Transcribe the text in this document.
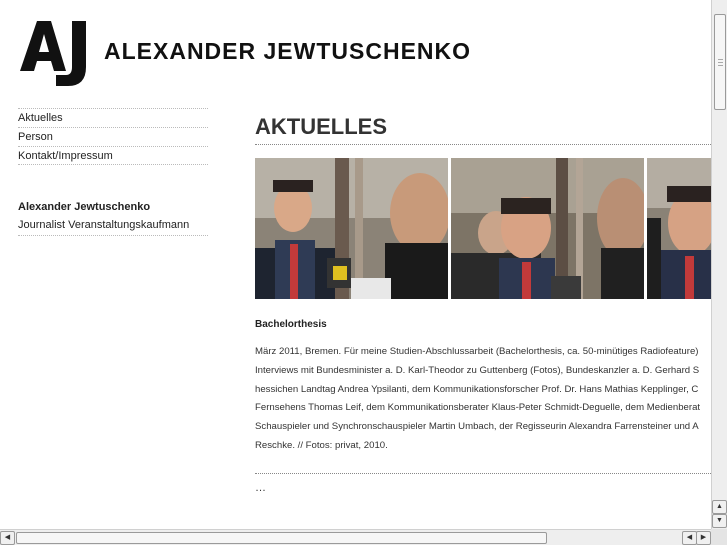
ALEXANDER JEWTUSCHENKO
Aktuelles
Person
Kontakt/Impressum
Alexander Jewtuschenko
Journalist Veranstaltungskaufmann
AKTUELLES
Bachelorthesis
März 2011, Bremen. Für meine Studien-Abschlussarbeit (Bachelorthesis, ca. 50-minütiges Radiofeature)
Interviews mit Bundesminister a. D. Karl-Theodor zu Guttenberg (Fotos), Bundeskanzler a. D. Gerhard S
hessichen Landtag Andrea Ypsilanti, dem Kommunikationsforscher Prof. Dr. Hans Mathias Kepplinger, C
Fernsehens Thomas Leif, dem Kommunikationsberater Klaus-Peter Schmidt-Deguelle, dem Medienberat
Schauspieler und Synchronschauspieler Martin Umbach, der Regisseurin Alexandra Farrensteiner und A
Reschke. // Fotos: privat, 2010.
…
▲
▼
◀	◀	▶
